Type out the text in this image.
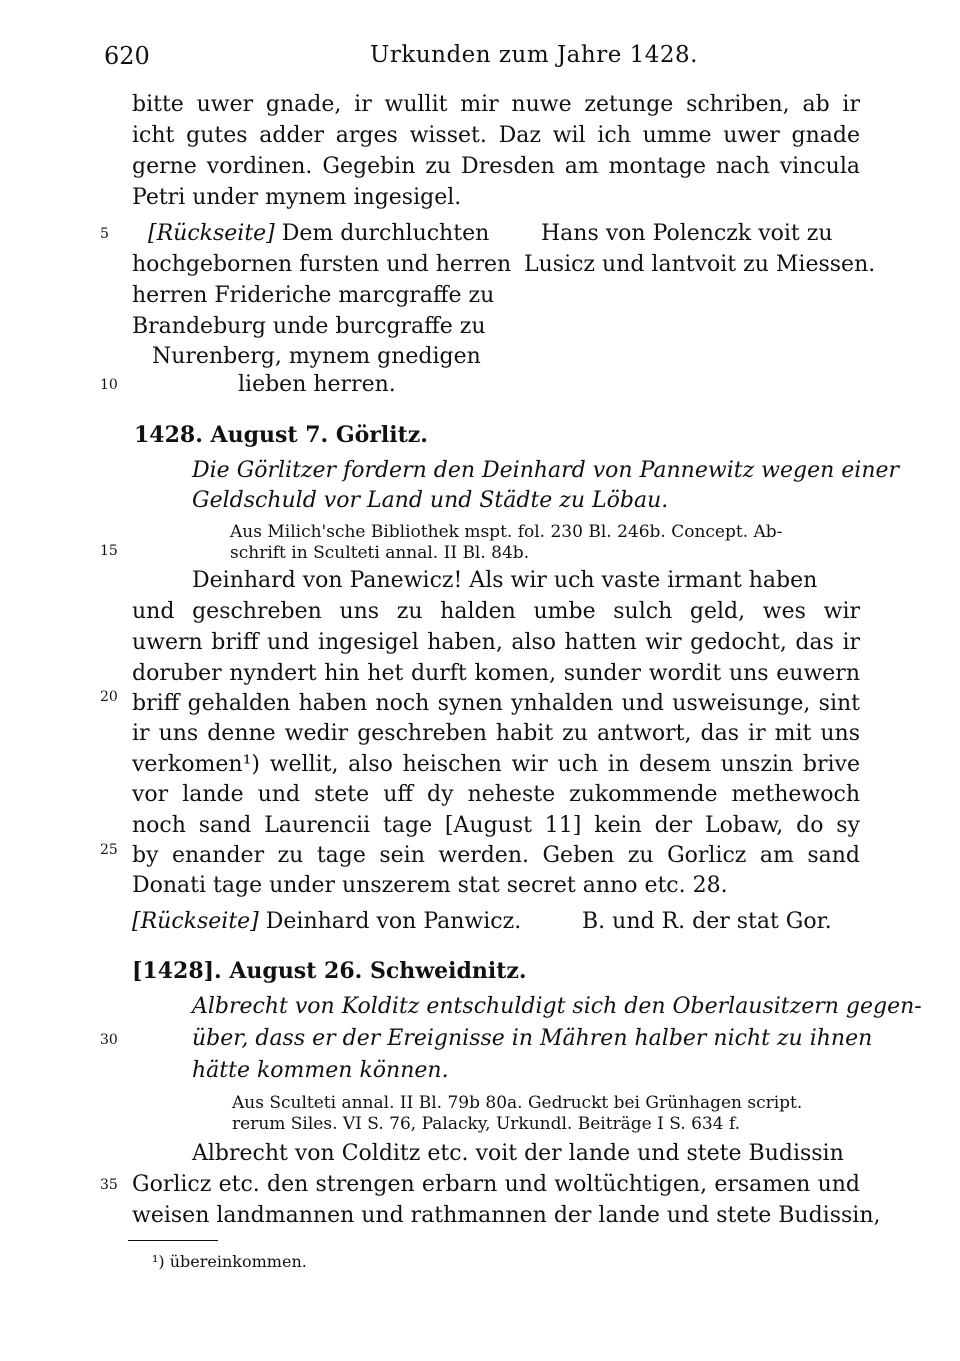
620	Urkunden zum Jahre 1428.
5
10
15
20
25
30
35
bitte uwer gnade, ir wullit mir nuwe zetunge schriben, ab ir
icht gutes adder arges wisset. Daz wil ich umme uwer gnade
gerne vordinen. Gegebin zu Dresden am montage nach vincula
Petri under mynem ingesigel.
[Rückseite] Dem durchluchten
hochgebornen fursten und herren
herren Frideriche marcgraffe zu
Brandeburg unde burcgraffe zu
Nurenberg, mynem gnedigen
lieben herren.
Hans von Polenczk voit zu
Lusicz und lantvoit zu Miessen.
1428. August 7. Görlitz.
Die Görlitzer fordern den Deinhard von Pannewitz wegen einer
Geldschuld vor Land und Städte zu Löbau.
Aus Milich'sche Bibliothek mspt. fol. 230 Bl. 246b. Concept. Ab-
schrift in Sculteti annal. II Bl. 84b.
Deinhard von Panewicz! Als wir uch vaste irmant haben
und geschreben uns zu halden umbe sulch geld, wes wir
uwern briff und ingesigel haben, also hatten wir gedocht, das ir
doruber nyndert hin het durft komen, sunder wordit uns euwern
briff gehalden haben noch synen ynhalden und usweisunge, sint
ir uns denne wedir geschreben habit zu antwort, das ir mit uns
verkomen¹) wellit, also heischen wir uch in desem unszin brive
vor lande und stete uff dy neheste zukommende methewoch
noch sand Laurencii tage [August 11] kein der Lobaw, do sy
by enander zu tage sein werden. Geben zu Gorlicz am sand
Donati tage under unszerem stat secret anno etc. 28.
[Rückseite] Deinhard von Panwicz.	B. und R. der stat Gor.
[1428]. August 26. Schweidnitz.
Albrecht von Kolditz entschuldigt sich den Oberlausitzern gegen-
über, dass er der Ereignisse in Mähren halber nicht zu ihnen
hätte kommen können.
Aus Sculteti annal. II Bl. 79b 80a. Gedruckt bei Grünhagen script.
rerum Siles. VI S. 76, Palacky, Urkundl. Beiträge I S. 634 f.
Albrecht von Colditz etc. voit der lande und stete Budissin
Gorlicz etc. den strengen erbarn und woltüchtigen, ersamen und
weisen landmannen und rathmannen der lande und stete Budissin,
¹) übereinkommen.
